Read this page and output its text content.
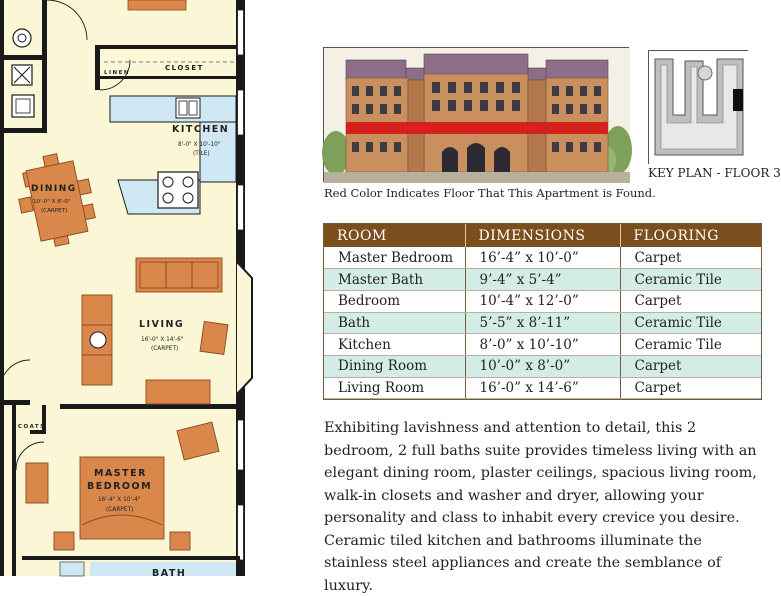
CLOSET
LINEN
KITCHEN
8'-0" X 10'-10"
(TILE)
DINING
10'-0" X 8'-0"
(CARPET)
LIVING
16'-0" X 14'-6"
(CARPET)
COATS
MASTER
BEDROOM
16'-4" X 10'-4"
(CARPET)
BATH
Red Color Indicates Floor That This Apartment is Found.
KEY PLAN - FLOOR 3
ROOM	DIMENSIONS	FLOORING
Master Bedroom	16’-4” x 10’-0”	Carpet
Master Bath	9’-4” x 5’-4”	Ceramic Tile
Bedroom	10’-4” x 12’-0”	Carpet
Bath	5’-5” x 8’-11”	Ceramic Tile
Kitchen	8’-0” x 10’-10”	Ceramic Tile
Dining Room	10’-0” x 8’-0”	Carpet
Living Room	16’-0” x 14’-6”	Carpet

Exhibiting lavishness and attention to detail, this 2 bedroom, 2 full baths suite provides timeless living with an elegant dining room, plaster ceilings, spacious living room, walk-in closets and washer and dryer, allowing your personality and class to inhabit every crevice you desire. Ceramic tiled kitchen and bathrooms illuminate the stainless steel appliances and create the semblance of luxury.
